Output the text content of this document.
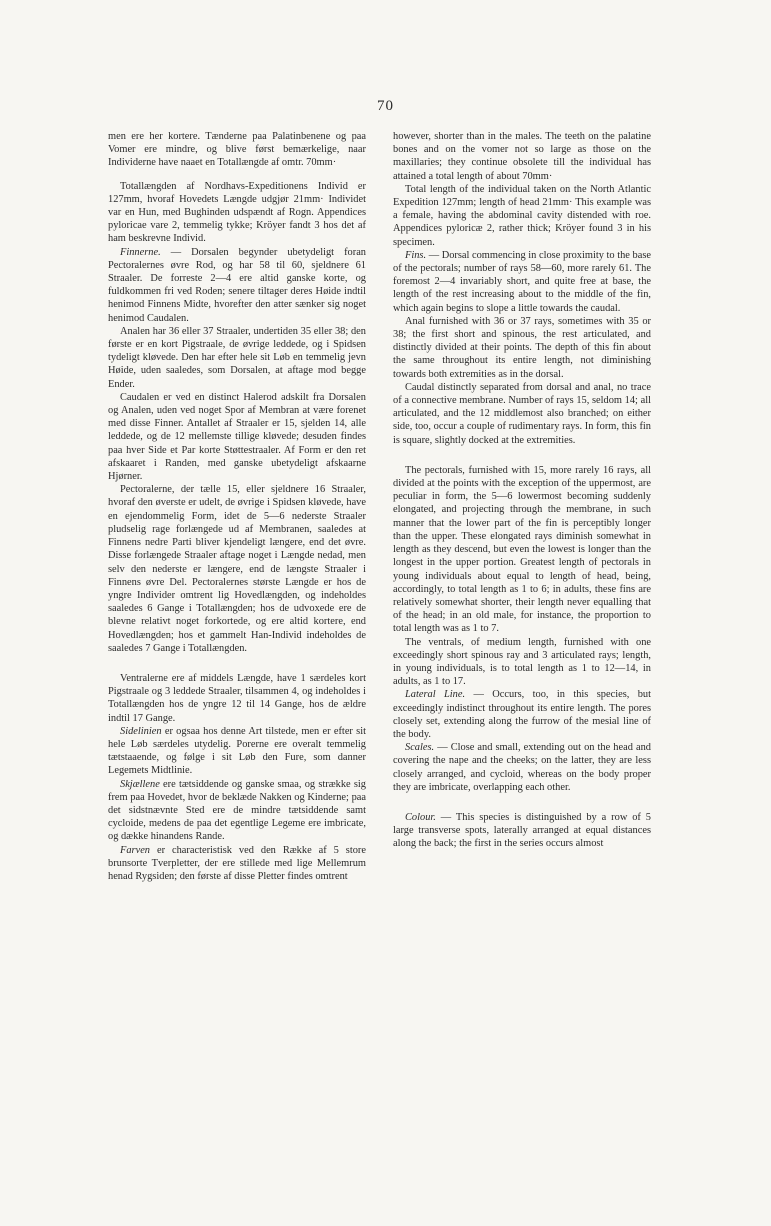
70

men ere her kortere. Tænderne paa Palatinbenene og paa Vomer ere mindre, og blive først bemærkelige, naar Individerne have naaet en Totallængde af omtr. 70mm·

Totallængden af Nordhavs-Expeditionens Individ er 127mm, hvoraf Hovedets Længde udgjør 21mm· Individet var en Hun, med Bughinden udspændt af Rogn. Appendices pyloricae vare 2, temmelig tykke; Kröyer fandt 3 hos det af ham beskrevne Individ.

Finnerne. — Dorsalen begynder ubetydeligt foran Pectoralernes øvre Rod, og har 58 til 60, sjeldnere 61 Straaler. De forreste 2—4 ere altid ganske korte, og fuldkommen fri ved Roden; senere tiltager deres Høide indtil henimod Finnens Midte, hvorefter den atter sænker sig noget henimod Caudalen.

Analen har 36 eller 37 Straaler, undertiden 35 eller 38; den første er en kort Pigstraale, de øvrige leddede, og i Spidsen tydeligt kløvede. Den har efter hele sit Løb en temmelig jevn Høide, uden saaledes, som Dorsalen, at aftage mod begge Ender.

Caudalen er ved en distinct Halerod adskilt fra Dorsalen og Analen, uden ved noget Spor af Membran at være forenet med disse Finner. Antallet af Straaler er 15, sjelden 14, alle leddede, og de 12 mellemste tillige kløvede; desuden findes paa hver Side et Par korte Støttestraaler. Af Form er den ret afskaaret i Randen, med ganske ubetydeligt afskaarne Hjørner.

Pectoralerne, der tælle 15, eller sjeldnere 16 Straaler, hvoraf den øverste er udelt, de øvrige i Spidsen kløvede, have en ejendommelig Form, idet de 5—6 nederste Straaler pludselig rage forlængede ud af Membranen, saaledes at Finnens nedre Parti bliver kjendeligt længere, end det øvre. Disse forlængede Straaler aftage noget i Længde nedad, men selv den nederste er længere, end de længste Straaler i Finnens øvre Del. Pectoralernes største Længde er hos de yngre Individer omtrent lig Hovedlængden, og indeholdes saaledes 6 Gange i Totallængden; hos de udvoxede ere de blevne relativt noget forkortede, og ere altid kortere, end Hovedlængden; hos et gammelt Han-Individ indeholdes de saaledes 7 Gange i Totallængden.

Ventralerne ere af middels Længde, have 1 særdeles kort Pigstraale og 3 leddede Straaler, tilsammen 4, og indeholdes i Totallængden hos de yngre 12 til 14 Gange, hos de ældre indtil 17 Gange.

Sidelinien er ogsaa hos denne Art tilstede, men er efter sit hele Løb særdeles utydelig. Porerne ere overalt temmelig tætstaaende, og følge i sit Løb den Fure, som danner Legemets Midtlinie.

Skjællene ere tætsiddende og ganske smaa, og strække sig frem paa Hovedet, hvor de beklæde Nakken og Kinderne; paa det sidstnævnte Sted ere de mindre tætsiddende samt cycloide, medens de paa det egentlige Legeme ere imbricate, og dække hinandens Rande.

Farven er characteristisk ved den Række af 5 store brunsorte Tverpletter, der ere stillede med lige Mellemrum henad Rygsiden; den første af disse Pletter findes omtrent

however, shorter than in the males. The teeth on the palatine bones and on the vomer not so large as those on the maxillaries; they continue obsolete till the individual has attained a total length of about 70mm·

Total length of the individual taken on the North Atlantic Expedition 127mm; length of head 21mm· This example was a female, having the abdominal cavity distended with roe. Appendices pyloricæ 2, rather thick; Kröyer found 3 in his specimen.

Fins. — Dorsal commencing in close proximity to the base of the pectorals; number of rays 58—60, more rarely 61. The foremost 2—4 invariably short, and quite free at base, the length of the rest increasing about to the middle of the fin, which again begins to slope a little towards the caudal.

Anal furnished with 36 or 37 rays, sometimes with 35 or 38; the first short and spinous, the rest articulated, and distinctly divided at their points. The depth of this fin about the same throughout its entire length, not diminishing towards both extremities as in the dorsal.

Caudal distinctly separated from dorsal and anal, no trace of a connective membrane. Number of rays 15, seldom 14; all articulated, and the 12 middlemost also branched; on either side, too, occur a couple of rudimentary rays. In form, this fin is square, slightly docked at the extremities.

The pectorals, furnished with 15, more rarely 16 rays, all divided at the points with the exception of the uppermost, are peculiar in form, the 5—6 lowermost becoming suddenly elongated, and projecting through the membrane, in such manner that the lower part of the fin is perceptibly longer than the upper. These elongated rays diminish somewhat in length as they descend, but even the lowest is longer than the longest in the upper portion. Greatest length of pectorals in young individuals about equal to length of head, being, accordingly, to total length as 1 to 6; in adults, these fins are relatively somewhat shorter, their length never equalling that of the head; in an old male, for instance, the proportion to total length was as 1 to 7.

The ventrals, of medium length, furnished with one exceedingly short spinous ray and 3 articulated rays; length, in young individuals, is to total length as 1 to 12—14, in adults, as 1 to 17.

Lateral Line. — Occurs, too, in this species, but exceedingly indistinct throughout its entire length. The pores closely set, extending along the furrow of the mesial line of the body.

Scales. — Close and small, extending out on the head and covering the nape and the cheeks; on the latter, they are less closely arranged, and cycloid, whereas on the body proper they are imbricate, overlapping each other.

Colour. — This species is distinguished by a row of 5 large transverse spots, laterally arranged at equal distances along the back; the first in the series occurs almost
